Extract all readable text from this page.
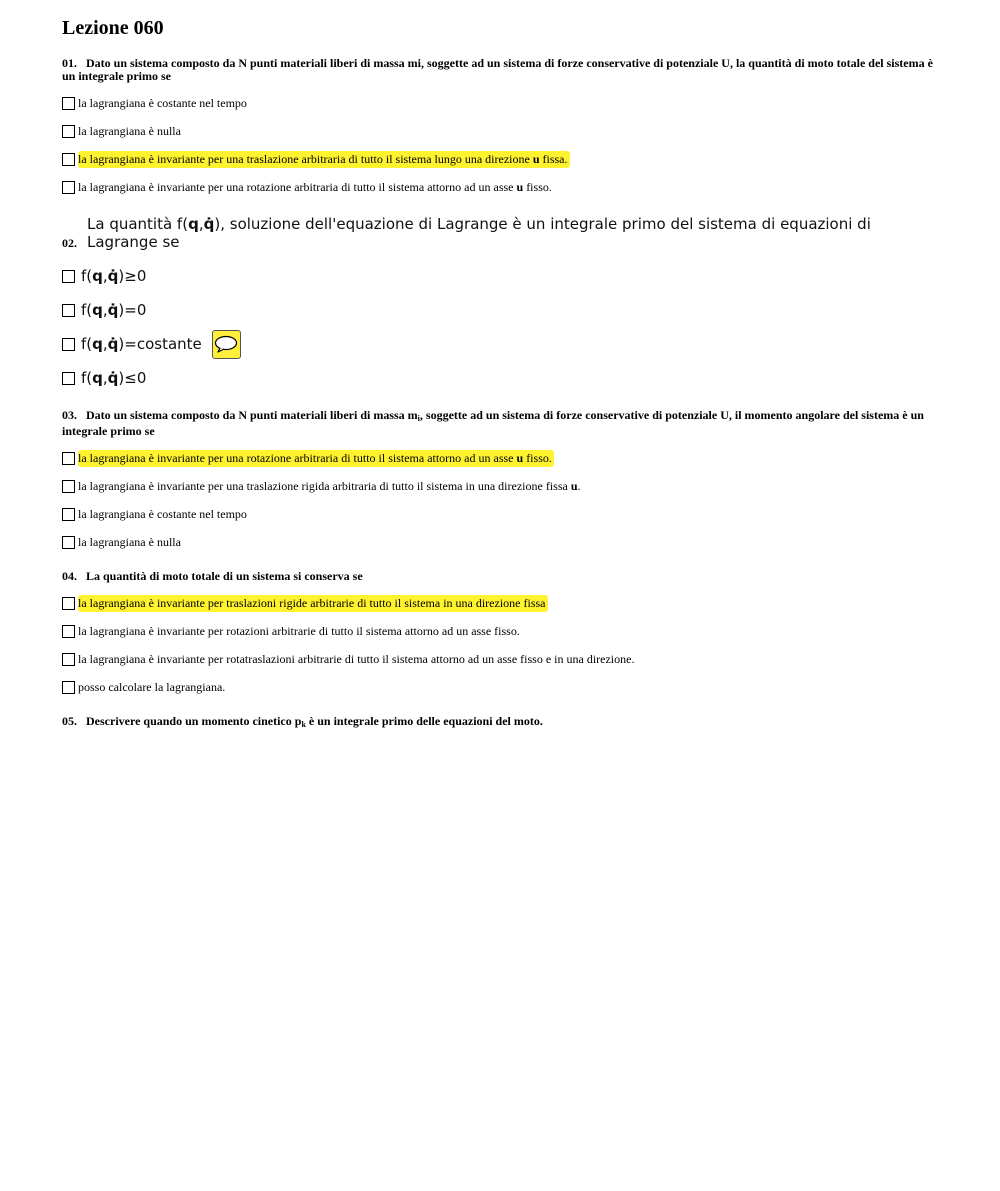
Lezione 060
01. Dato un sistema composto da N punti materiali liberi di massa mi, soggette ad un sistema di forze conservative di potenziale U, la quantità di moto totale del sistema è un integrale primo se
la lagrangiana è costante nel tempo
la lagrangiana è nulla
la lagrangiana è invariante per una traslazione arbitraria di tutto il sistema lungo una direzione u fissa.
la lagrangiana è invariante per una rotazione arbitraria di tutto il sistema attorno ad un asse u fisso.
02.
La quantità f(q,q̇), soluzione dell'equazione di Lagrange è un integrale primo del sistema di equazioni di Lagrange se
f(q,q̇)≥0
f(q,q̇)=0
f(q,q̇)=costante
f(q,q̇)≤0
03. Dato un sistema composto da N punti materiali liberi di massa $m_i$, soggette ad un sistema di forze conservative di potenziale U, il momento angolare del sistema è un integrale primo se
la lagrangiana è invariante per una rotazione arbitraria di tutto il sistema attorno ad un asse u fisso.
la lagrangiana è invariante per una traslazione rigida arbitraria di tutto il sistema in una direzione fissa u.
la lagrangiana è costante nel tempo
la lagrangiana è nulla
04. La quantità di moto totale di un sistema si conserva se
la lagrangiana è invariante per traslazioni rigide arbitrarie di tutto il sistema in una direzione fissa
la lagrangiana è invariante per rotazioni arbitrarie di tutto il sistema attorno ad un asse fisso.
la lagrangiana è invariante per rotatraslazioni arbitrarie di tutto il sistema attorno ad un asse fisso e in una direzione.
posso calcolare la lagrangiana.
05. Descrivere quando un momento cinetico $p_k$ è un integrale primo delle equazioni del moto.
